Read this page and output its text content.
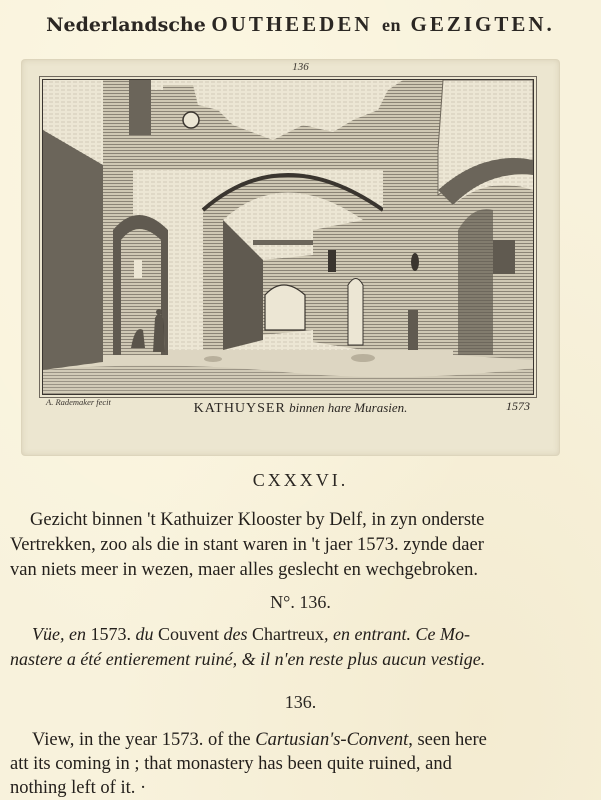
Nederlandsche OUTHEEDEN en GEZIGTEN.
136
A. Rademaker fecit	KATHUYSER binnen hare Murasien.	1573
CXXXVI.
Gezicht binnen 't Kathuizer Klooster by Delf, in zyn onderste
Vertrekken, zoo als die in stant waren in 't jaer 1573. zynde daer
van niets meer in wezen, maer alles geslecht en wechgebroken.
N°. 136.
Vüe, en 1573. du Couvent des Chartreux, en entrant. Ce Mo-
nastere a été entierement ruiné, & il n'en reste plus aucun vestige.
136.
View, in the year 1573. of the Cartusian's-Convent, seen here
att its coming in ; that monastery has been quite ruined, and
nothing left of it. ·
